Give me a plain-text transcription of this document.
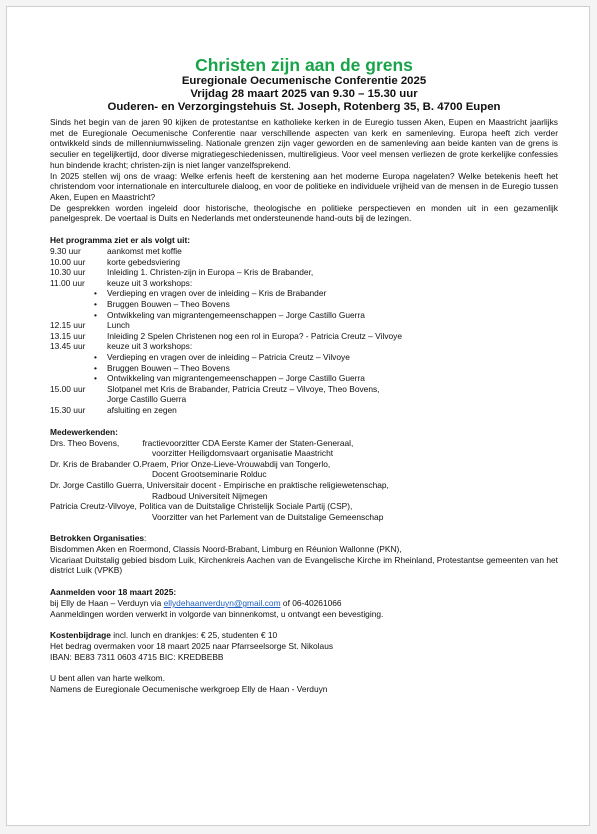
Christen zijn aan de grens
Euregionale Oecumenische Conferentie 2025
Vrijdag 28 maart 2025 van 9.30 – 15.30 uur
Ouderen- en Verzorgingstehuis St. Joseph, Rotenberg 35, B. 4700 Eupen

Sinds het begin van de jaren 90 kijken de protestantse en katholieke kerken in de Euregio tussen Aken, Eupen en Maastricht jaarlijks met de Euregionale Oecumenische Conferentie naar verschillende aspecten van kerk en samenleving. Europa heeft zich verder ontwikkeld sinds de millenniumwisseling. Nationale grenzen zijn vager geworden en de samenleving aan beide kanten van de grens is seculier en tegelijkertijd, door diverse migratiegeschiedenissen, multireligieus. Voor veel mensen verliezen de grote kerkelijke confessies hun bindende kracht; christen-zijn is niet langer vanzelfsprekend.

In 2025 stellen wij ons de vraag: Welke erfenis heeft de kerstening aan het moderne Europa nagelaten? Welke betekenis heeft het christendom voor internationale en interculturele dialoog, en voor de politieke en individuele vrijheid van de mensen in de Euregio tussen Aken, Eupen en Maastricht?

De gesprekken worden ingeleid door historische, theologische en politieke perspectieven en monden uit in een gezamenlijk panelgesprek. De voertaal is Duits en Nederlands met ondersteunende hand-outs bij de lezingen.

Het programma ziet er als volgt uit:
9.30 uur	aankomst met koffie
10.00 uur	korte gebedsviering
10.30 uur	Inleiding 1. Christen-zijn in Europa – Kris de Brabander,
11.00 uur	keuze uit 3 workshops:
•	Verdieping en vragen over de inleiding – Kris de Brabander
•	Bruggen Bouwen – Theo Bovens
•	Ontwikkeling van migrantengemeenschappen – Jorge Castillo Guerra
12.15 uur	Lunch
13.15 uur	Inleiding 2 Spelen Christenen nog een rol in Europa? - Patricia Creutz – Vilvoye
13.45 uur	keuze uit 3 workshops:
•	Verdieping en vragen over de inleiding – Patricia Creutz – Vilvoye
•	Bruggen Bouwen – Theo Bovens
•	Ontwikkeling van migrantengemeenschappen – Jorge Castillo Guerra
15.00 uur	Slotpanel met Kris de Brabander, Patricia Creutz – Vilvoye, Theo Bovens,
Jorge Castillo Guerra
15.30 uur	afsluiting en zegen
Medewerkenden:
Drs. Theo Bovens,          fractievoorzitter CDA Eerste Kamer der Staten-Generaal,
voorzitter Heiligdomsvaart organisatie Maastricht
Dr. Kris de Brabander O.Praem, Prior Onze-Lieve-Vrouwabdij van Tongerlo,
Docent Grootseminarie Rolduc
Dr. Jorge Castillo Guerra, Universitair docent - Empirische en praktische religiewetenschap,
Radboud Universiteit Nijmegen
Patricia Creutz-Vilvoye, Politica van de Duitstalige Christelijk Sociale Partij (CSP),
Voorzitter van het Parlement van de Duitstalige Gemeenschap
Betrokken Organisaties:
Bisdommen Aken en Roermond, Classis Noord-Brabant, Limburg en Réunion Wallonne (PKN),
Vicariaat Duitstalig gebied bisdom Luik, Kirchenkreis Aachen van de Evangelische Kirche im Rheinland, Protestantse gemeenten van het district Luik (VPKB)
Aanmelden voor 18 maart 2025:
bij Elly de Haan – Verduyn via ellydehaanverduyn@gmail.com of 06-40261066
Aanmeldingen worden verwerkt in volgorde van binnenkomst, u ontvangt een bevestiging.
Kostenbijdrage incl. lunch en drankjes: € 25, studenten € 10
Het bedrag overmaken voor 18 maart 2025 naar Pfarrseelsorge St. Nikolaus
IBAN: BE83 7311 0603 4715 BIC: KREDBEBB
U bent allen van harte welkom.
Namens de Euregionale Oecumenische werkgroep Elly de Haan - Verduyn
